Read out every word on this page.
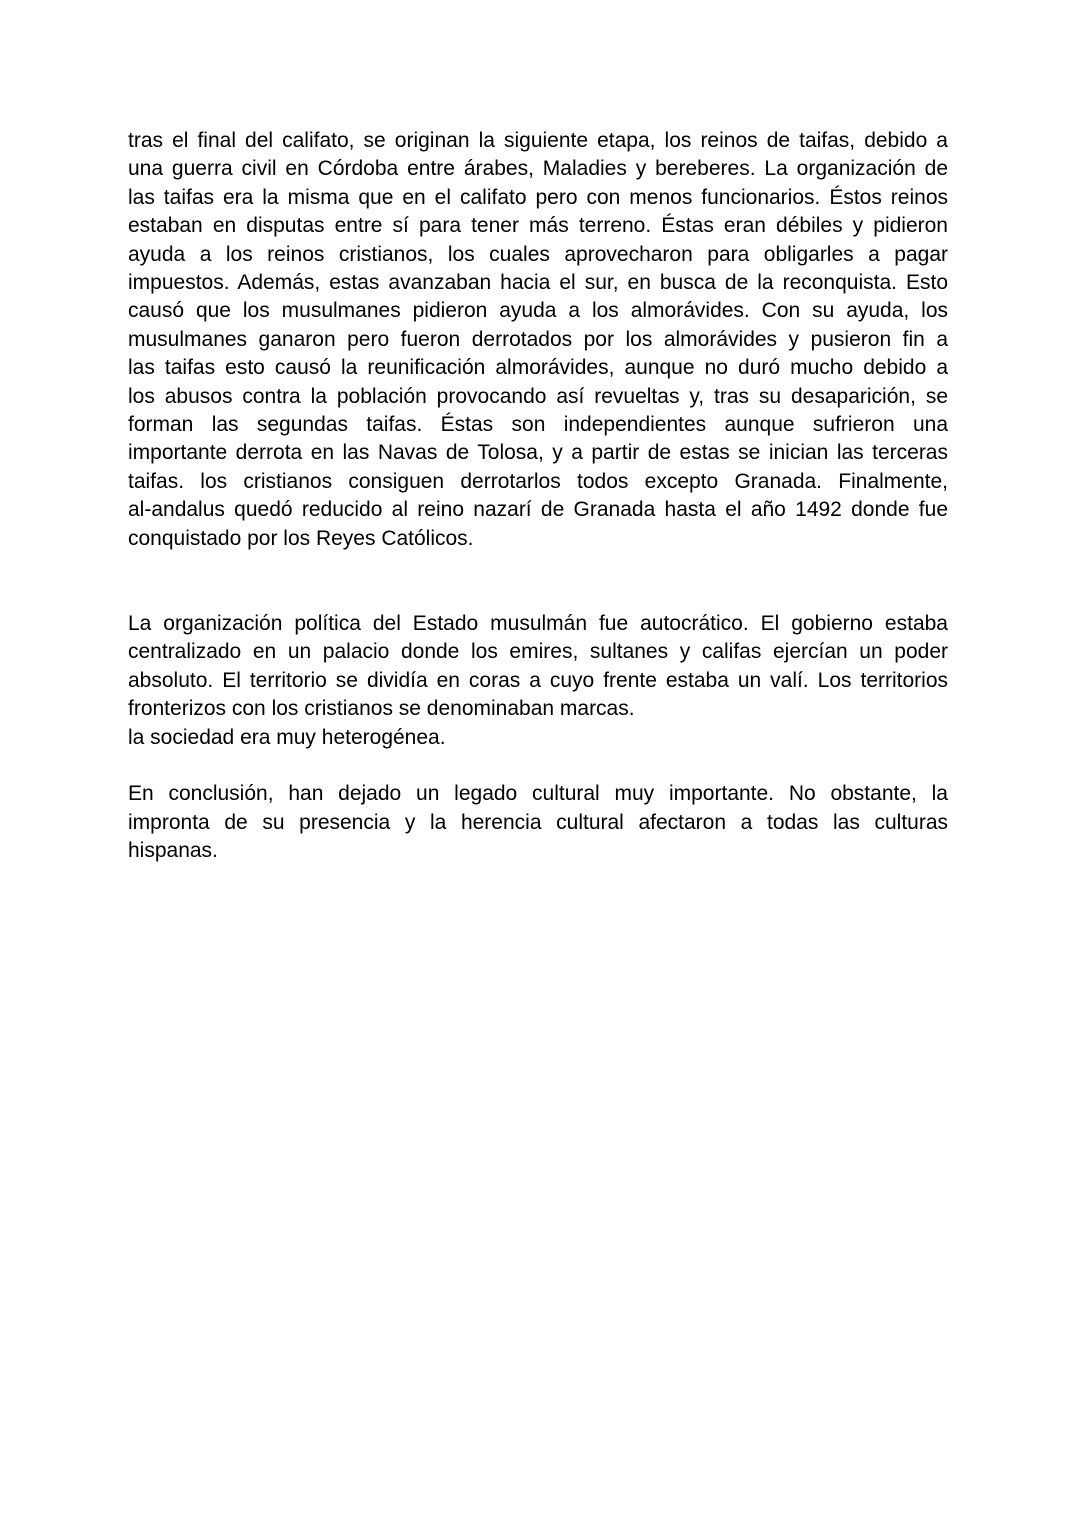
tras el final del califato, se originan la siguiente etapa, los reinos de taifas, debido a
una guerra civil en Córdoba entre árabes, Maladies y bereberes. La organización de
las taifas era la misma que en el califato pero con menos funcionarios. Éstos reinos
estaban en disputas entre sí para tener más terreno. Éstas eran débiles y pidieron
ayuda a los reinos cristianos, los cuales aprovecharon para obligarles a pagar
impuestos. Además, estas avanzaban hacia el sur, en busca de la reconquista. Esto
causó que los musulmanes pidieron ayuda a los almorávides. Con su ayuda, los
musulmanes ganaron pero fueron derrotados por los almorávides y pusieron fin a
las taifas esto causó la reunificación almorávides, aunque no duró mucho debido a
los abusos contra la población provocando así revueltas y, tras su desaparición, se
forman las segundas taifas. Éstas son independientes aunque sufrieron una
importante derrota en las Navas de Tolosa, y a partir de estas se inician las terceras
taifas. los cristianos consiguen derrotarlos todos excepto Granada. Finalmente,
al-andalus quedó reducido al reino nazarí de Granada hasta el año 1492 donde fue
conquistado por los Reyes Católicos.
La organización política del Estado musulmán fue autocrático. El gobierno estaba
centralizado en un palacio donde los emires, sultanes y califas ejercían un poder
absoluto. El territorio se dividía en coras a cuyo frente estaba un valí. Los territorios
fronterizos con los cristianos se denominaban marcas.
la sociedad era muy heterogénea.
En conclusión, han dejado un legado cultural muy importante. No obstante, la
impronta de su presencia y la herencia cultural afectaron a todas las culturas
hispanas.
